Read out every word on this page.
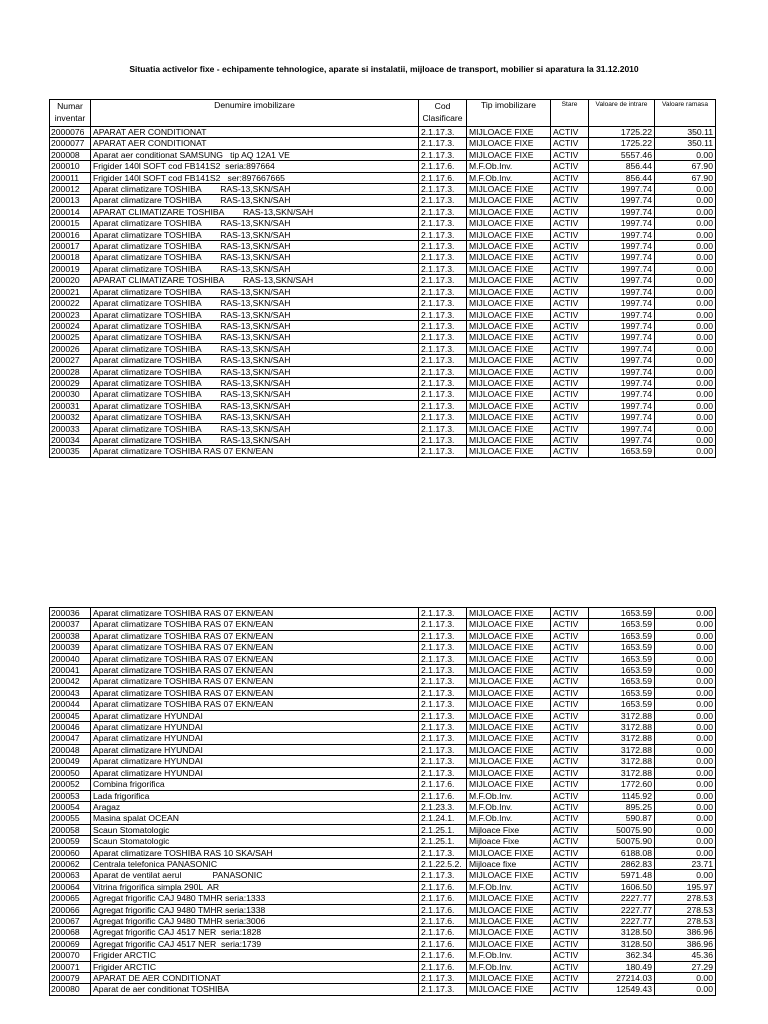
Situatia activelor fixe - echipamente tehnologice, aparate si instalatii, mijloace de transport, mobilier si aparatura la 31.12.2010
Numar
inventar	Denumire imobilizare	Cod
Clasificare	Tip imobilizare	Stare	Valoare de intrare	Valoare ramasa
2000076	APARAT AER CONDITIONAT	2.1.17.3.	MIJLOACE FIXE	ACTIV	1725.22	350.11
2000077	APARAT AER CONDITIONAT	2.1.17.3.	MIJLOACE FIXE	ACTIV	1725.22	350.11
200008	Aparat aer conditionat SAMSUNG   tip AQ 12A1 VE	2.1.17.3.	MIJLOACE FIXE	ACTIV	5557.46	0.00
200010	Frigider 140l SOFT cod FB141S2  seria:897664	2.1.17.6.	M.F.Ob.Inv.	ACTIV	856.44	67.90
200011	Frigider 140l SOFT cod FB141S2   ser:897667665	2.1.17.6.	M.F.Ob.Inv.	ACTIV	856.44	67.90
200012	Aparat climatizare TOSHIBA        RAS-13,SKN/SAH	2.1.17.3.	MIJLOACE FIXE	ACTIV	1997.74	0.00
200013	Aparat climatizare TOSHIBA        RAS-13,SKN/SAH	2.1.17.3.	MIJLOACE FIXE	ACTIV	1997.74	0.00
200014	APARAT CLIMATIZARE TOSHIBA        RAS-13,SKN/SAH	2.1.17.3.	MIJLOACE FIXE	ACTIV	1997.74	0.00
200015	Aparat climatizare TOSHIBA        RAS-13,SKN/SAH	2.1.17.3.	MIJLOACE FIXE	ACTIV	1997.74	0.00
200016	Aparat climatizare TOSHIBA        RAS-13,SKN/SAH	2.1.17.3.	MIJLOACE FIXE	ACTIV	1997.74	0.00
200017	Aparat climatizare TOSHIBA        RAS-13,SKN/SAH	2.1.17.3.	MIJLOACE FIXE	ACTIV	1997.74	0.00
200018	Aparat climatizare TOSHIBA        RAS-13,SKN/SAH	2.1.17.3.	MIJLOACE FIXE	ACTIV	1997.74	0.00
200019	Aparat climatizare TOSHIBA        RAS-13,SKN/SAH	2.1.17.3.	MIJLOACE FIXE	ACTIV	1997.74	0.00
200020	APARAT CLIMATIZARE TOSHIBA        RAS-13,SKN/SAH	2.1.17.3.	MIJLOACE FIXE	ACTIV	1997.74	0.00
200021	Aparat climatizare TOSHIBA        RAS-13,SKN/SAH	2.1.17.3.	MIJLOACE FIXE	ACTIV	1997.74	0.00
200022	Aparat climatizare TOSHIBA        RAS-13,SKN/SAH	2.1.17.3.	MIJLOACE FIXE	ACTIV	1997.74	0.00
200023	Aparat climatizare TOSHIBA        RAS-13,SKN/SAH	2.1.17.3.	MIJLOACE FIXE	ACTIV	1997.74	0.00
200024	Aparat climatizare TOSHIBA        RAS-13,SKN/SAH	2.1.17.3.	MIJLOACE FIXE	ACTIV	1997.74	0.00
200025	Aparat climatizare TOSHIBA        RAS-13,SKN/SAH	2.1.17.3.	MIJLOACE FIXE	ACTIV	1997.74	0.00
200026	Aparat climatizare TOSHIBA        RAS-13,SKN/SAH	2.1.17.3.	MIJLOACE FIXE	ACTIV	1997.74	0.00
200027	Aparat climatizare TOSHIBA        RAS-13,SKN/SAH	2.1.17.3.	MIJLOACE FIXE	ACTIV	1997.74	0.00
200028	Aparat climatizare TOSHIBA        RAS-13,SKN/SAH	2.1.17.3.	MIJLOACE FIXE	ACTIV	1997.74	0.00
200029	Aparat climatizare TOSHIBA        RAS-13,SKN/SAH	2.1.17.3.	MIJLOACE FIXE	ACTIV	1997.74	0.00
200030	Aparat climatizare TOSHIBA        RAS-13,SKN/SAH	2.1.17.3.	MIJLOACE FIXE	ACTIV	1997.74	0.00
200031	Aparat climatizare TOSHIBA        RAS-13,SKN/SAH	2.1.17.3.	MIJLOACE FIXE	ACTIV	1997.74	0.00
200032	Aparat climatizare TOSHIBA        RAS-13,SKN/SAH	2.1.17.3.	MIJLOACE FIXE	ACTIV	1997.74	0.00
200033	Aparat climatizare TOSHIBA        RAS-13,SKN/SAH	2.1.17.3.	MIJLOACE FIXE	ACTIV	1997.74	0.00
200034	Aparat climatizare TOSHIBA        RAS-13,SKN/SAH	2.1.17.3.	MIJLOACE FIXE	ACTIV	1997.74	0.00
200035	Aparat climatizare TOSHIBA RAS 07 EKN/EAN	2.1.17.3.	MIJLOACE FIXE	ACTIV	1653.59	0.00
200036	Aparat climatizare TOSHIBA RAS 07 EKN/EAN	2.1.17.3.	MIJLOACE FIXE	ACTIV	1653.59	0.00
200037	Aparat climatizare TOSHIBA RAS 07 EKN/EAN	2.1.17.3.	MIJLOACE FIXE	ACTIV	1653.59	0.00
200038	Aparat climatizare TOSHIBA RAS 07 EKN/EAN	2.1.17.3.	MIJLOACE FIXE	ACTIV	1653.59	0.00
200039	Aparat climatizare TOSHIBA RAS 07 EKN/EAN	2.1.17.3.	MIJLOACE FIXE	ACTIV	1653.59	0.00
200040	Aparat climatizare TOSHIBA RAS 07 EKN/EAN	2.1.17.3.	MIJLOACE FIXE	ACTIV	1653.59	0.00
200041	Aparat climatizare TOSHIBA RAS 07 EKN/EAN	2.1.17.3.	MIJLOACE FIXE	ACTIV	1653.59	0.00
200042	Aparat climatizare TOSHIBA RAS 07 EKN/EAN	2.1.17.3.	MIJLOACE FIXE	ACTIV	1653.59	0.00
200043	Aparat climatizare TOSHIBA RAS 07 EKN/EAN	2.1.17.3.	MIJLOACE FIXE	ACTIV	1653.59	0.00
200044	Aparat climatizare TOSHIBA RAS 07 EKN/EAN	2.1.17.3.	MIJLOACE FIXE	ACTIV	1653.59	0.00
200045	Aparat climatizare HYUNDAI	2.1.17.3.	MIJLOACE FIXE	ACTIV	3172.88	0.00
200046	Aparat climatizare HYUNDAI	2.1.17.3.	MIJLOACE FIXE	ACTIV	3172.88	0.00
200047	Aparat climatizare HYUNDAI	2.1.17.3.	MIJLOACE FIXE	ACTIV	3172.88	0.00
200048	Aparat climatizare HYUNDAI	2.1.17.3.	MIJLOACE FIXE	ACTIV	3172.88	0.00
200049	Aparat climatizare HYUNDAI	2.1.17.3.	MIJLOACE FIXE	ACTIV	3172.88	0.00
200050	Aparat climatizare HYUNDAI	2.1.17.3.	MIJLOACE FIXE	ACTIV	3172.88	0.00
200052	Combina frigorifica	2.1.17.6.	MIJLOACE FIXE	ACTIV	1772.60	0.00
200053	Lada frigorifica	2.1.17.6.	M.F.Ob.Inv.	ACTIV	1145.92	0.00
200054	Aragaz	2.1.23.3.	M.F.Ob.Inv.	ACTIV	895.25	0.00
200055	Masina spalat OCEAN	2.1.24.1.	M.F.Ob.Inv.	ACTIV	590.87	0.00
200058	Scaun Stomatologic	2.1.25.1.	Mijloace Fixe	ACTIV	50075.90	0.00
200059	Scaun Stomatologic	2.1.25.1.	Mijloace Fixe	ACTIV	50075.90	0.00
200060	Aparat climatizare TOSHIBA RAS 10 SKA/SAH	2.1.17.3.	MIJLOACE FIXE	ACTIV	6188.08	0.00
200062	Centrala telefonica PANASONIC	2.1.22.5.2.	Mijloace fixe	ACTIV	2862.83	23.71
200063	Aparat de ventilat aerul             PANASONIC	2.1.17.3.	MIJLOACE FIXE	ACTIV	5971.48	0.00
200064	Vitrina frigorifica simpla 290L  AR	2.1.17.6.	M.F.Ob.Inv.	ACTIV	1606.50	195.97
200065	Agregat frigorific CAJ 9480 TMHR seria:1333	2.1.17.6.	MIJLOACE FIXE	ACTIV	2227.77	278.53
200066	Agregat frigorific CAJ 9480 TMHR seria:1338	2.1.17.6.	MIJLOACE FIXE	ACTIV	2227.77	278.53
200067	Agregat frigorific CAJ 9480 TMHR seria:3006	2.1.17.6.	MIJLOACE FIXE	ACTIV	2227.77	278.53
200068	Agregat frigorific CAJ 4517 NER  seria:1828	2.1.17.6.	MIJLOACE FIXE	ACTIV	3128.50	386.96
200069	Agregat frigorific CAJ 4517 NER  seria:1739	2.1.17.6.	MIJLOACE FIXE	ACTIV	3128.50	386.96
200070	Frigider ARCTIC	2.1.17.6.	M.F.Ob.Inv.	ACTIV	362.34	45.36
200071	Frigider ARCTIC	2.1.17.6.	M.F.Ob.Inv.	ACTIV	180.49	27.29
200079	APARAT DE AER CONDITIONAT	2.1.17.3.	MIJLOACE FIXE	ACTIV	27214.03	0.00
200080	Aparat de aer conditionat TOSHIBA	2.1.17.3.	MIJLOACE FIXE	ACTIV	12549.43	0.00
